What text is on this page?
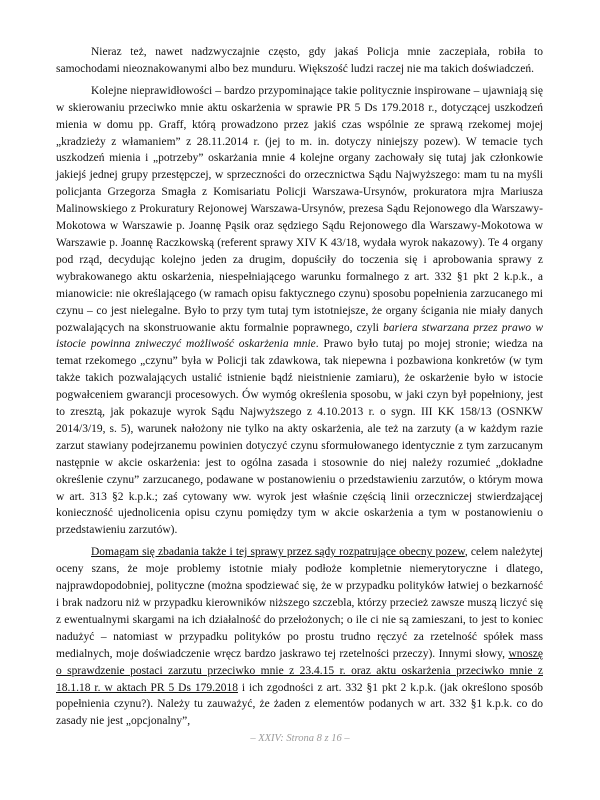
Nieraz też, nawet nadzwyczajnie często, gdy jakaś Policja mnie zaczepiała, robiła to samochodami nieoznakowanymi albo bez munduru. Większość ludzi raczej nie ma takich doświadczeń.

Kolejne nieprawidłowości – bardzo przypominające takie politycznie inspirowane – ujawniają się w skierowaniu przeciwko mnie aktu oskarżenia w sprawie PR 5 Ds 179.2018 r., dotyczącej uszkodzeń mienia w domu pp. Graff, którą prowadzono przez jakiś czas wspólnie ze sprawą rzekomej mojej „kradzieży z włamaniem” z 28.11.2014 r. (jej to m. in. dotyczy niniejszy pozew). W temacie tych uszkodzeń mienia i „potrzeby” oskarżania mnie 4 kolejne organy zachowały się tutaj jak członkowie jakiejś jednej grupy przestępczej, w sprzeczności do orzecznictwa Sądu Najwyższego: mam tu na myśli policjanta Grzegorza Smagła z Komisariatu Policji Warszawa-Ursynów, prokuratora mjra Mariusza Malinowskiego z Prokuratury Rejonowej Warszawa-Ursynów, prezesa Sądu Rejonowego dla Warszawy-Mokotowa w Warszawie p. Joannę Pąsik oraz sędziego Sądu Rejonowego dla Warszawy-Mokotowa w Warszawie p. Joannę Raczkowską (referent sprawy XIV K 43/18, wydała wyrok nakazowy). Te 4 organy pod rząd, decydując kolejno jeden za drugim, dopuściły do toczenia się i aprobowania sprawy z wybrakowanego aktu oskarżenia, niespełniającego warunku formalnego z art. 332 §1 pkt 2 k.p.k., a mianowicie: nie określającego (w ramach opisu faktycznego czynu) sposobu popełnienia zarzucanego mi czynu – co jest nielegalne. Było to przy tym tutaj tym istotniejsze, że organy ścigania nie miały danych pozwalających na skonstruowanie aktu formalnie poprawnego, czyli bariera stwarzana przez prawo w istocie powinna zniweczyć możliwość oskarżenia mnie. Prawo było tutaj po mojej stronie; wiedza na temat rzekomego „czynu” była w Policji tak zdawkowa, tak niepewna i pozbawiona konkretów (w tym także takich pozwalających ustalić istnienie bądź nieistnienie zamiaru), że oskarżenie było w istocie pogwałceniem gwarancji procesowych. Ów wymóg określenia sposobu, w jaki czyn był popełniony, jest to zresztą, jak pokazuje wyrok Sądu Najwyższego z 4.10.2013 r. o sygn. III KK 158/13 (OSNKW 2014/3/19, s. 5), warunek nałożony nie tylko na akty oskarżenia, ale też na zarzuty (a w każdym razie zarzut stawiany podejrzanemu powinien dotyczyć czynu sformułowanego identycznie z tym zarzucanym następnie w akcie oskarżenia: jest to ogólna zasada i stosownie do niej należy rozumieć „dokładne określenie czynu” zarzucanego, podawane w postanowieniu o przedstawieniu zarzutów, o którym mowa w art. 313 §2 k.p.k.; zaś cytowany ww. wyrok jest właśnie częścią linii orzeczniczej stwierdzającej konieczność ujednolicenia opisu czynu pomiędzy tym w akcie oskarżenia a tym w postanowieniu o przedstawieniu zarzutów).

Domagam się zbadania także i tej sprawy przez sądy rozpatrujące obecny pozew, celem należytej oceny szans, że moje problemy istotnie miały podłoże kompletnie niemerytoryczne i dlatego, najprawdopodobniej, polityczne (można spodziewać się, że w przypadku polityków łatwiej o bezkarność i brak nadzoru niż w przypadku kierowników niższego szczebla, którzy przecież zawsze muszą liczyć się z ewentualnymi skargami na ich działalność do przełożonych; o ile ci nie są zamieszani, to jest to koniec nadużyć – natomiast w przypadku polityków po prostu trudno ręczyć za rzetelność spółek mass medialnych, moje doświadczenie wręcz bardzo jaskrawo tej rzetelności przeczy). Innymi słowy, wnoszę o sprawdzenie postaci zarzutu przeciwko mnie z 23.4.15 r. oraz aktu oskarżenia przeciwko mnie z 18.1.18 r. w aktach PR 5 Ds 179.2018 i ich zgodności z art. 332 §1 pkt 2 k.p.k. (jak określono sposób popełnienia czynu?). Należy tu zauważyć, że żaden z elementów podanych w art. 332 §1 k.p.k. co do zasady nie jest „opcjonalny”,

– XXIV: Strona 8 z 16 –
